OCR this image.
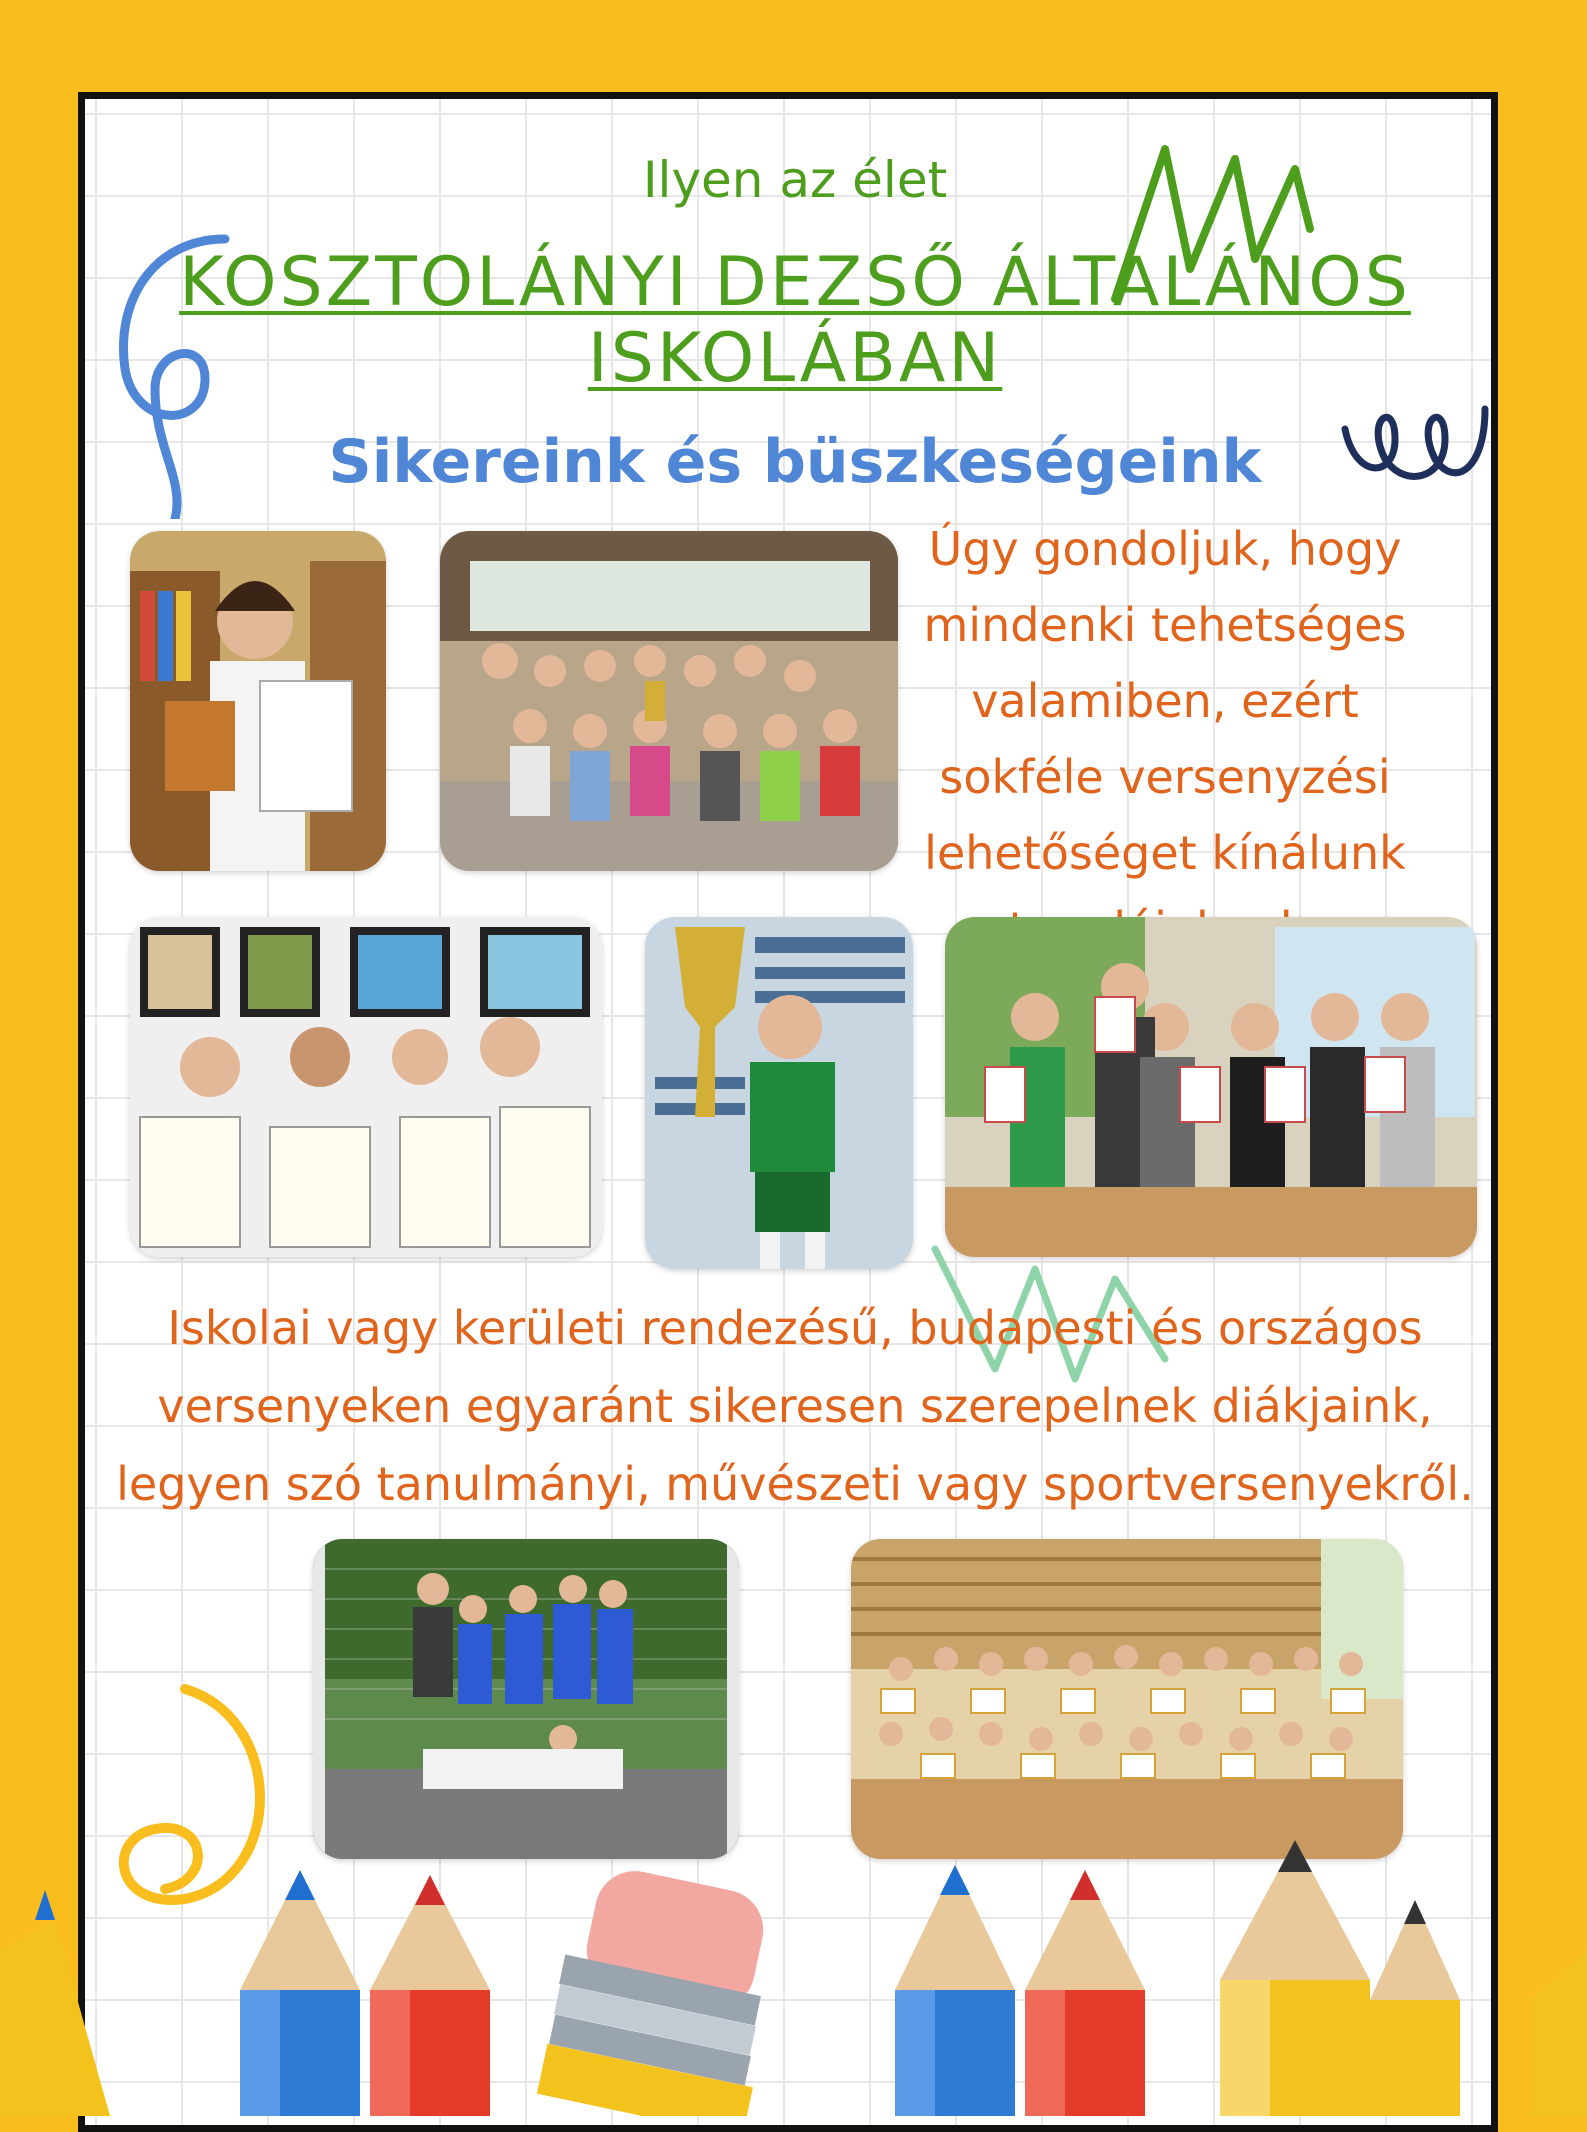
Ilyen az élet

KOSZTOLÁNYI DEZSŐ ÁLTALÁNOS ISKOLÁBAN
Sikereink és büszkeségeink

Úgy gondoljuk, hogy mindenki tehetséges valamiben, ezért sokféle versenyzési lehetőséget kínálunk

Iskolai vagy kerületi rendezésű, budapesti és országos versenyeken egyaránt sikeresen szerepelnek diákjaink, legyen szó tanulmányi, művészeti vagy sportversenyekről.
